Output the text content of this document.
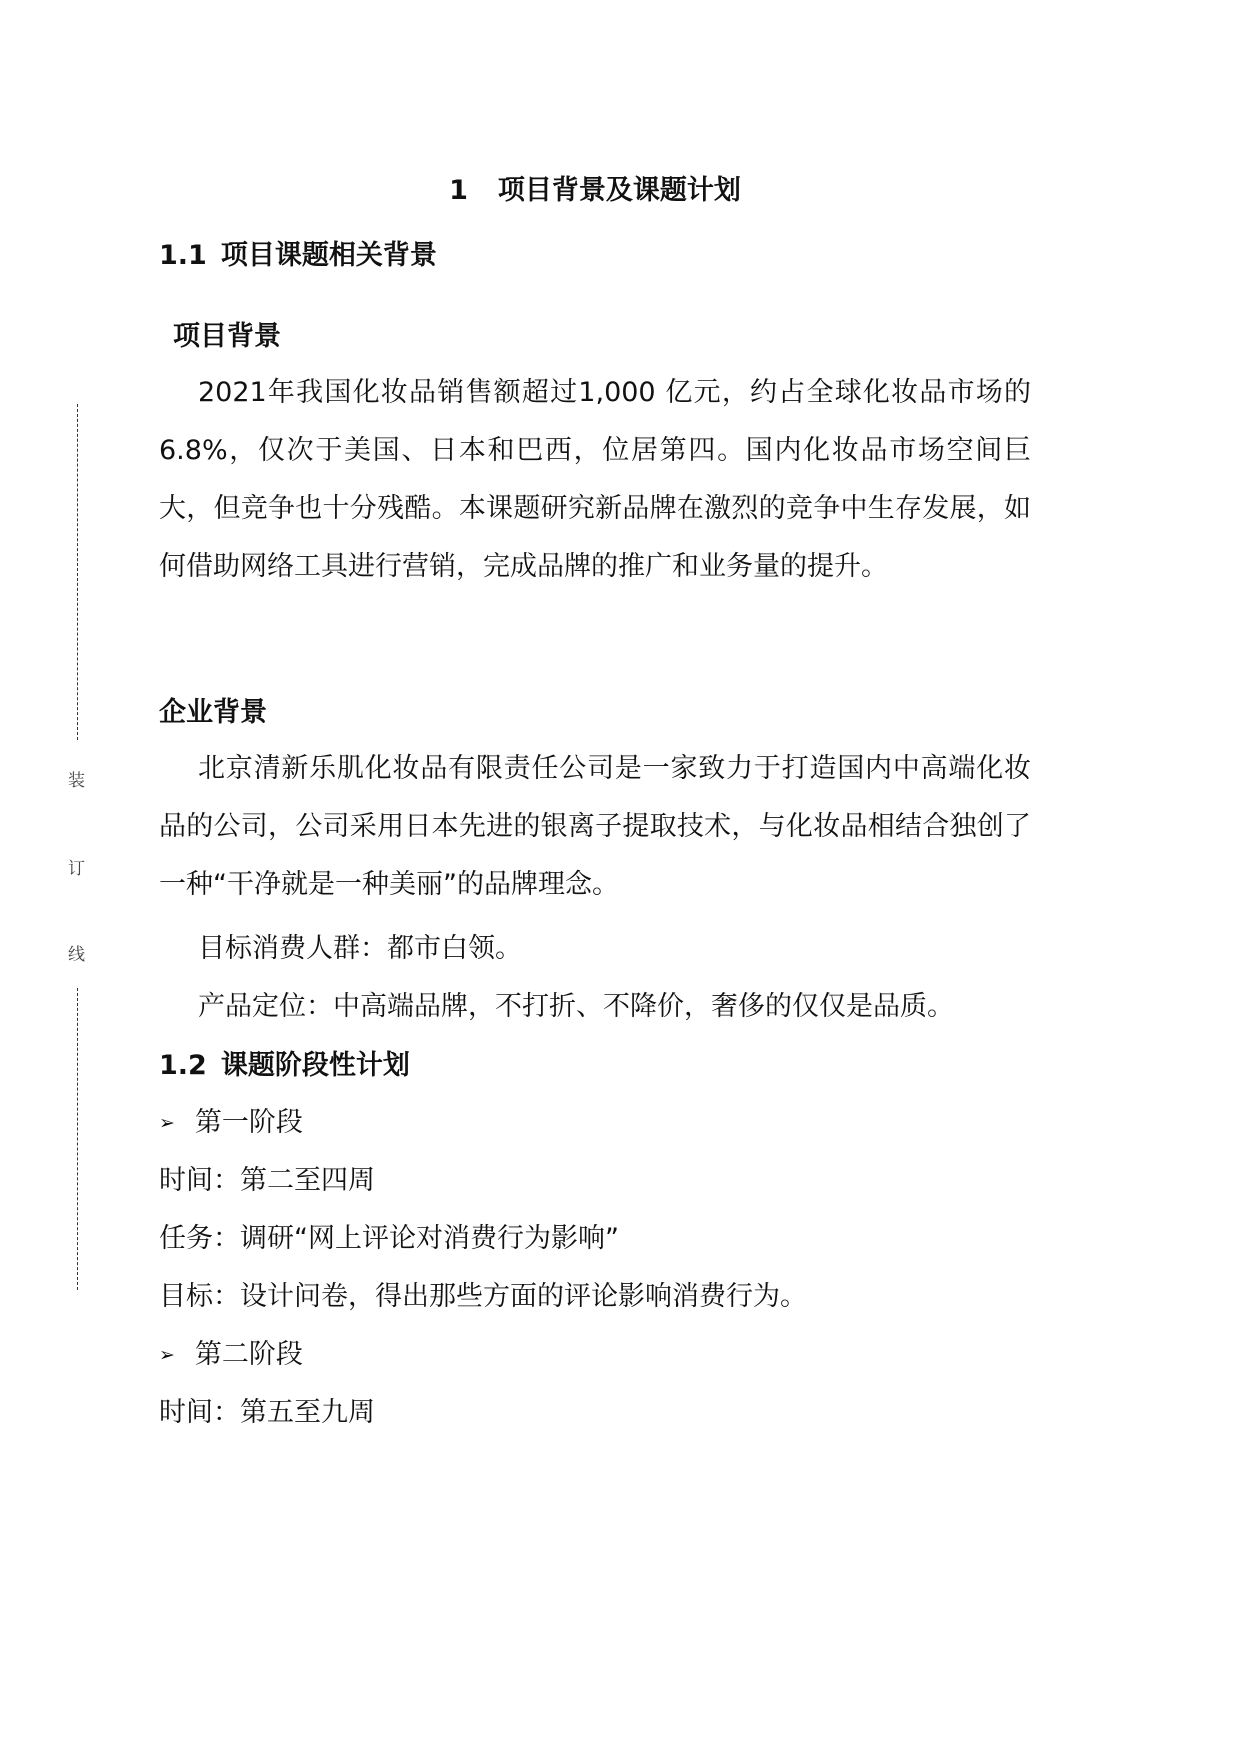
装
订
线
1 项目背景及课题计划
1.1 项目课题相关背景
项目背景
2021年我国化妆品销售额超过1,000 亿元，约占全球化妆品市场的6.8%，仅次于美国、日本和巴西，位居第四。国内化妆品市场空间巨大，但竞争也十分残酷。本课题研究新品牌在激烈的竞争中生存发展，如何借助网络工具进行营销，完成品牌的推广和业务量的提升。
企业背景
北京清新乐肌化妆品有限责任公司是一家致力于打造国内中高端化妆品的公司，公司采用日本先进的银离子提取技术，与化妆品相结合独创了一种“干净就是一种美丽”的品牌理念。
目标消费人群：都市白领。
产品定位：中高端品牌，不打折、不降价，奢侈的仅仅是品质。
1.2 课题阶段性计划
➢ 第一阶段
时间：第二至四周
任务：调研“网上评论对消费行为影响”
目标：设计问卷，得出那些方面的评论影响消费行为。
➢ 第二阶段
时间：第五至九周
